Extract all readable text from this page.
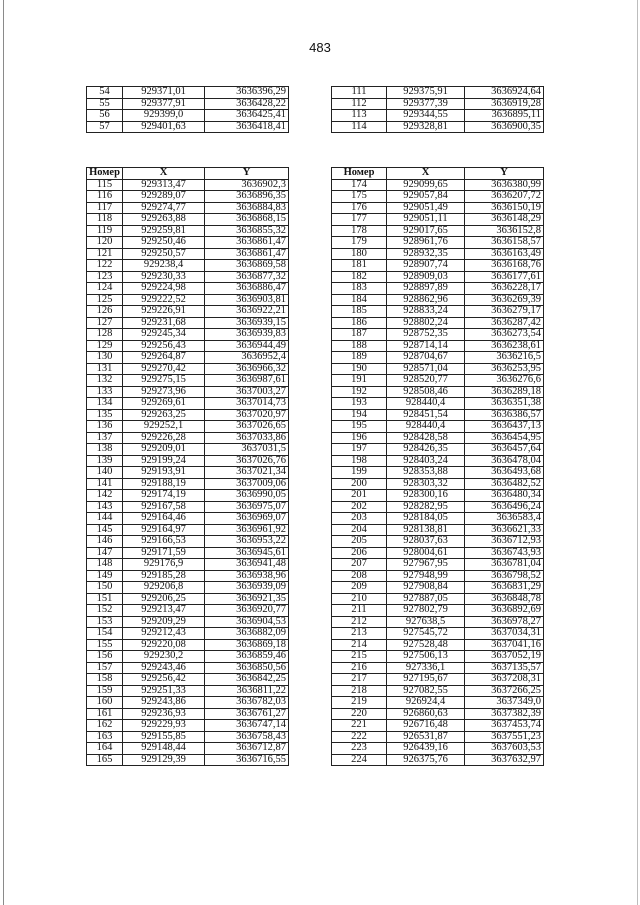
483
54	929371,01	3636396,29
55	929377,91	3636428,22
56	929399,0	3636425,41
57	929401,63	3636418,41
111	929375,91	3636924,64
112	929377,39	3636919,28
113	929344,55	3636895,11
114	929328,81	3636900,35
Номер	X	Y
115	929313,47	3636902,3
116	929289,07	3636896,35
117	929274,77	3636884,83
118	929263,88	3636868,15
119	929259,81	3636855,32
120	929250,46	3636861,47
121	929250,57	3636861,47
122	929238,4	3636869,58
123	929230,33	3636877,32
124	929224,98	3636886,47
125	929222,52	3636903,81
126	929226,91	3636922,21
127	929231,68	3636939,15
128	929245,34	3636939,83
129	929256,43	3636944,49
130	929264,87	3636952,4
131	929270,42	3636966,32
132	929275,15	3636987,61
133	929273,96	3637003,27
134	929269,61	3637014,73
135	929263,25	3637020,97
136	929252,1	3637026,65
137	929226,28	3637033,86
138	929209,01	3637031,5
139	929199,24	3637026,76
140	929193,91	3637021,34
141	929188,19	3637009,06
142	929174,19	3636990,05
143	929167,58	3636975,07
144	929164,46	3636969,07
145	929164,97	3636961,92
146	929166,53	3636953,22
147	929171,59	3636945,61
148	929176,9	3636941,48
149	929185,28	3636938,96
150	929206,8	3636939,09
151	929206,25	3636921,35
152	929213,47	3636920,77
153	929209,29	3636904,53
154	929212,43	3636882,09
155	929220,08	3636869,18
156	929230,2	3636859,46
157	929243,46	3636850,56
158	929256,42	3636842,25
159	929251,33	3636811,22
160	929243,86	3636782,03
161	929236,93	3636761,27
162	929229,93	3636747,14
163	929155,85	3636758,43
164	929148,44	3636712,87
165	929129,39	3636716,55
Номер	X	Y
174	929099,65	3636380,99
175	929057,84	3636207,72
176	929051,49	3636150,19
177	929051,11	3636148,29
178	929017,65	3636152,8
179	928961,76	3636158,57
180	928932,35	3636163,49
181	928907,74	3636168,76
182	928909,03	3636177,61
183	928897,89	3636228,17
184	928862,96	3636269,39
185	928833,24	3636279,17
186	928802,24	3636287,42
187	928752,35	3636273,54
188	928714,14	3636238,61
189	928704,67	3636216,5
190	928571,04	3636253,95
191	928520,77	3636276,6
192	928508,46	3636289,18
193	928440,4	3636351,38
194	928451,54	3636386,57
195	928440,4	3636437,13
196	928428,58	3636454,95
197	928426,35	3636457,64
198	928403,24	3636478,04
199	928353,88	3636493,68
200	928303,32	3636482,52
201	928300,16	3636480,34
202	928282,95	3636496,24
203	928184,05	3636583,4
204	928138,81	3636621,33
205	928037,63	3636712,93
206	928004,61	3636743,93
207	927967,95	3636781,04
208	927948,99	3636798,52
209	927908,84	3636831,29
210	927887,05	3636848,78
211	927802,79	3636892,69
212	927638,5	3636978,27
213	927545,72	3637034,31
214	927528,48	3637041,16
215	927506,13	3637052,19
216	927336,1	3637135,57
217	927195,67	3637208,31
218	927082,55	3637266,25
219	926924,4	3637349,0
220	926860,63	3637382,39
221	926716,48	3637453,74
222	926531,87	3637551,23
223	926439,16	3637603,53
224	926375,76	3637632,97
